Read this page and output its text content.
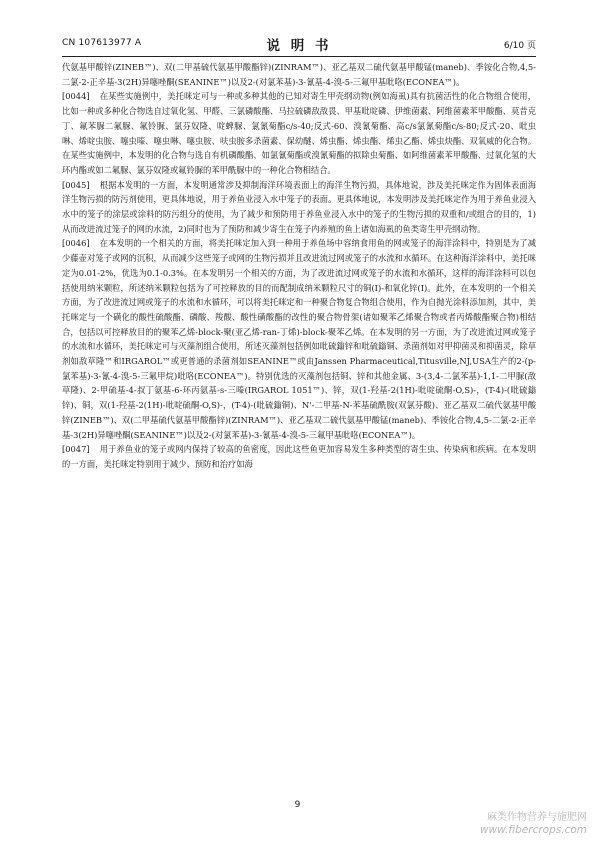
CN 107613977 A	说 明 书	6/10 页

代氨基甲酸锌(ZINEB™)、双(二甲基硫代氨基甲酸酯锌)(ZINRAM™)、亚乙基双二硫代氨基甲酸锰(maneb)、季铵化合物,4,5-二氯-2-正辛基-3(2H)异噻唑酮(SEANINE™)以及2-(对氯苯基)-3-氰基-4-溴-5-三氟甲基吡咯(ECONEA™)。

[0044] 在某些实施例中，美托咪定可与一种或多种其他的已知对寄生甲壳纲动物(例如海虱)具有抗菌活性的化合物组合使用，比如一种或多种化合物选自过氧化氢、甲醛、三氯磷酸酯、马拉硫磷敌敌畏、甲基吡啶磷、伊维菌素、阿维菌素苯甲酸酯、莫昔克丁、氟苯脲二氟脲、氟铃脲、氯芬奴隆、啶蜱脲、氯氰菊酯c/s-40;反式-60、溴氰菊酯、高c/s氯氰菊酯c/s-80;反式-20、吡虫啉、烯啶虫胺、噻虫嗪、噻虫啉、噻虫胺、呋虫胺多杀菌素、保幼醚、烯虫酯、烯虫酯、烯虫乙酯、烯虫炔酯、双氧威的化合物。在某些实施例中，本发明的化合物与选自有机磷酸酯、如氯氰菊酯或溴氰菊酯的拟除虫菊酯、如阿维菌素苯甲酸酯、过氧化氢的大环内酯或如二氟脲、氯芬奴隆或氟铃脲的苯甲酰脲中的一种化合物相结合。

[0045] 根据本发明的一方面，本发明通常涉及抑制海洋环境表面上的海洋生物污损，具体地说，涉及美托咪定作为固体表面海洋生物污损的防污剂使用，更具体地说，用于养鱼业浸入水中笼子的表面。更具体地说，本发明涉及美托咪定作为用于养鱼业浸入水中的笼子的涂层或涂料的防污组分的使用，为了减少和预防用于养鱼业浸入水中的笼子的生物污损的双重和/或组合的目的，1)从而改进流过笼子的网的水流，2)同时也为了预防和减少寄生在笼子内养殖的鱼上诸如海虱的鱼类寄生甲壳纲动物。

[0046] 在本发明的一个相关的方面，将美托咪定加入到一种用于养鱼场中容纳食用鱼的网或笼子的海洋涂料中，特别是为了减少藤壶对笼子或网的沉积，从而减少这些笼子或网的生物污损并且改进流过网或笼子的水流和水循环。在这种海洋涂料中，美托咪定为0.01-2%，优选为0.1-0.3%。在本发明另一个相关的方面，为了改进流过网或笼子的水流和水循环，这样的海洋涂料可以包括使用纳米颗粒，所述纳米颗粒包括为了可控释放的目的而配制成纳米颗粒尺寸的铜(I)-和氧化锌(I)。此外，在本发明的一个相关方面，为了改进流过网或笼子的水流和水循环，可以将美托咪定和一种聚合物复合物组合使用，作为自抛光涂料添加剂，其中，美托咪定与一个磺化的酸性硫酸酯、磷酸、羧酸、酸性磺酸酯的改性的聚合物骨架(诸如聚苯乙烯聚合物或者丙烯酸酯聚合物)相结合，包括以可控释放目的的聚苯乙烯-block-聚(亚乙烯-ran-丁烯)-block-聚苯乙烯。在本发明的另一方面，为了改进流过网或笼子的水流和水循环，美托咪定可与灭藻剂组合使用，所述灭藻剂包括例如吡硫鎓锌和吡硫鎓铜、杀菌剂如对甲抑菌灵和抑菌灵，除草剂如敌草隆™和IRGAROL™或更普通的杀菌剂如SEANINE™或由Janssen Pharmaceutical,Titusville,NJ,USA生产的2-(p-氯苯基)-3-氰-4-溴-5-三氟甲烷)吡咯(ECONEA™)。特别优选的灭藻剂包括铜、锌和其他金属、3-(3,4-二氯苯基)-1,1-二甲脲(敌草隆)、2-甲硫基-4-叔丁氨基-6-环丙氨基-s-三嗪(IRGAROL 1051™)、锌，双(1-羟基-2(1H)-吡啶硫酮-O,S)-，(T-4)-(吡硫鎓锌)、铜，双(1-羟基-2(1H)-吡啶硫酮-O,S)-，(T-4)-(吡硫鎓铜)、N'-二甲基-N-苯基硫酰胺(双氯芬酸)、亚乙基双二硫代氨基甲酸锌(ZINEB™)、双(二甲基硫代氨基甲酸酯锌)(ZINRAM™)、亚乙基双二硫代氨基甲酸锰(maneb)、季铵化合物,4,5-二氯-2-正辛基-3(2H)异噻唑酮(SEANINE™)以及2-(对氯苯基)-3-氰基-4-溴-5-三氟甲基吡咯(ECONEA™)。

[0047] 用于养鱼业的笼子或网内保持了较高的鱼密度，因此这些鱼更加容易发生多种类型的寄生虫、传染病和疾病。在本发明的一方面，美托咪定特别用于减少、预防和治疗如海

9
麻类作物营养与施肥网
www.fibercrops.com
